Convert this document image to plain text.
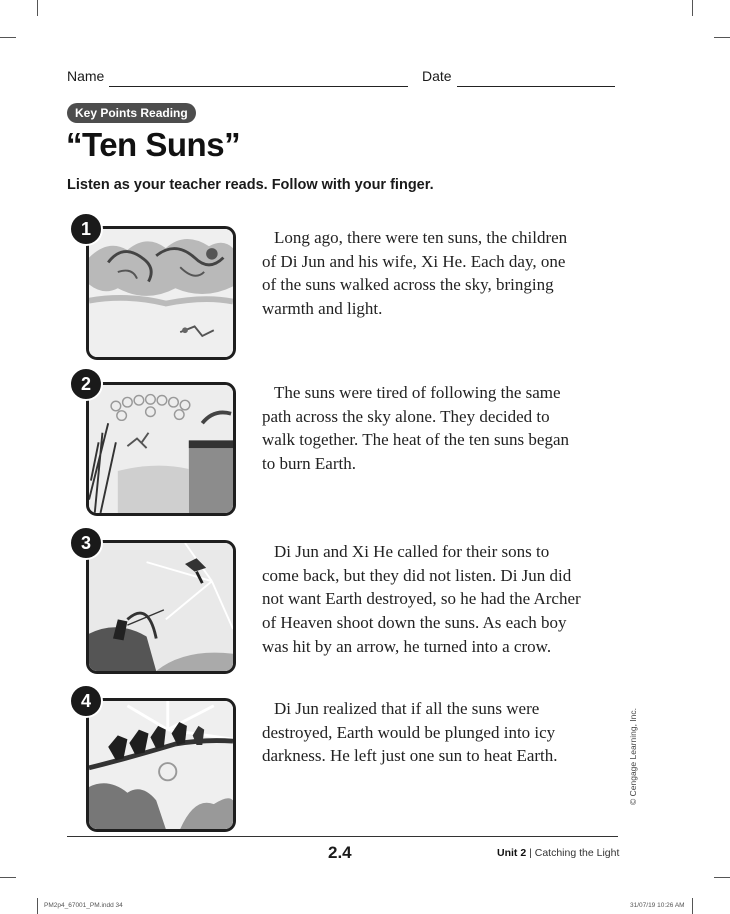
Name	Date
Key Points Reading
“Ten Suns”
Listen as your teacher reads. Follow with your finger.
1	Long ago, there were ten suns, the children of Di Jun and his wife, Xi He. Each day, one of the suns walked across the sky, bringing warmth and light.

2	The suns were tired of following the same path across the sky alone. They decided to walk together. The heat of the ten suns began to burn Earth.

3	Di Jun and Xi He called for their sons to come back, but they did not listen. Di Jun did not want Earth destroyed, so he had the Archer of Heaven shoot down the suns. As each boy was hit by an arrow, he turned into a crow.

4	Di Jun realized that if all the suns were destroyed, Earth would be plunged into icy darkness. He left just one sun to heat Earth.	© Cengage Learning, Inc.
2.4	Unit 2 | Catching the Light
PM2p4_67001_PM.indd 34	31/07/19 10:26 AM
